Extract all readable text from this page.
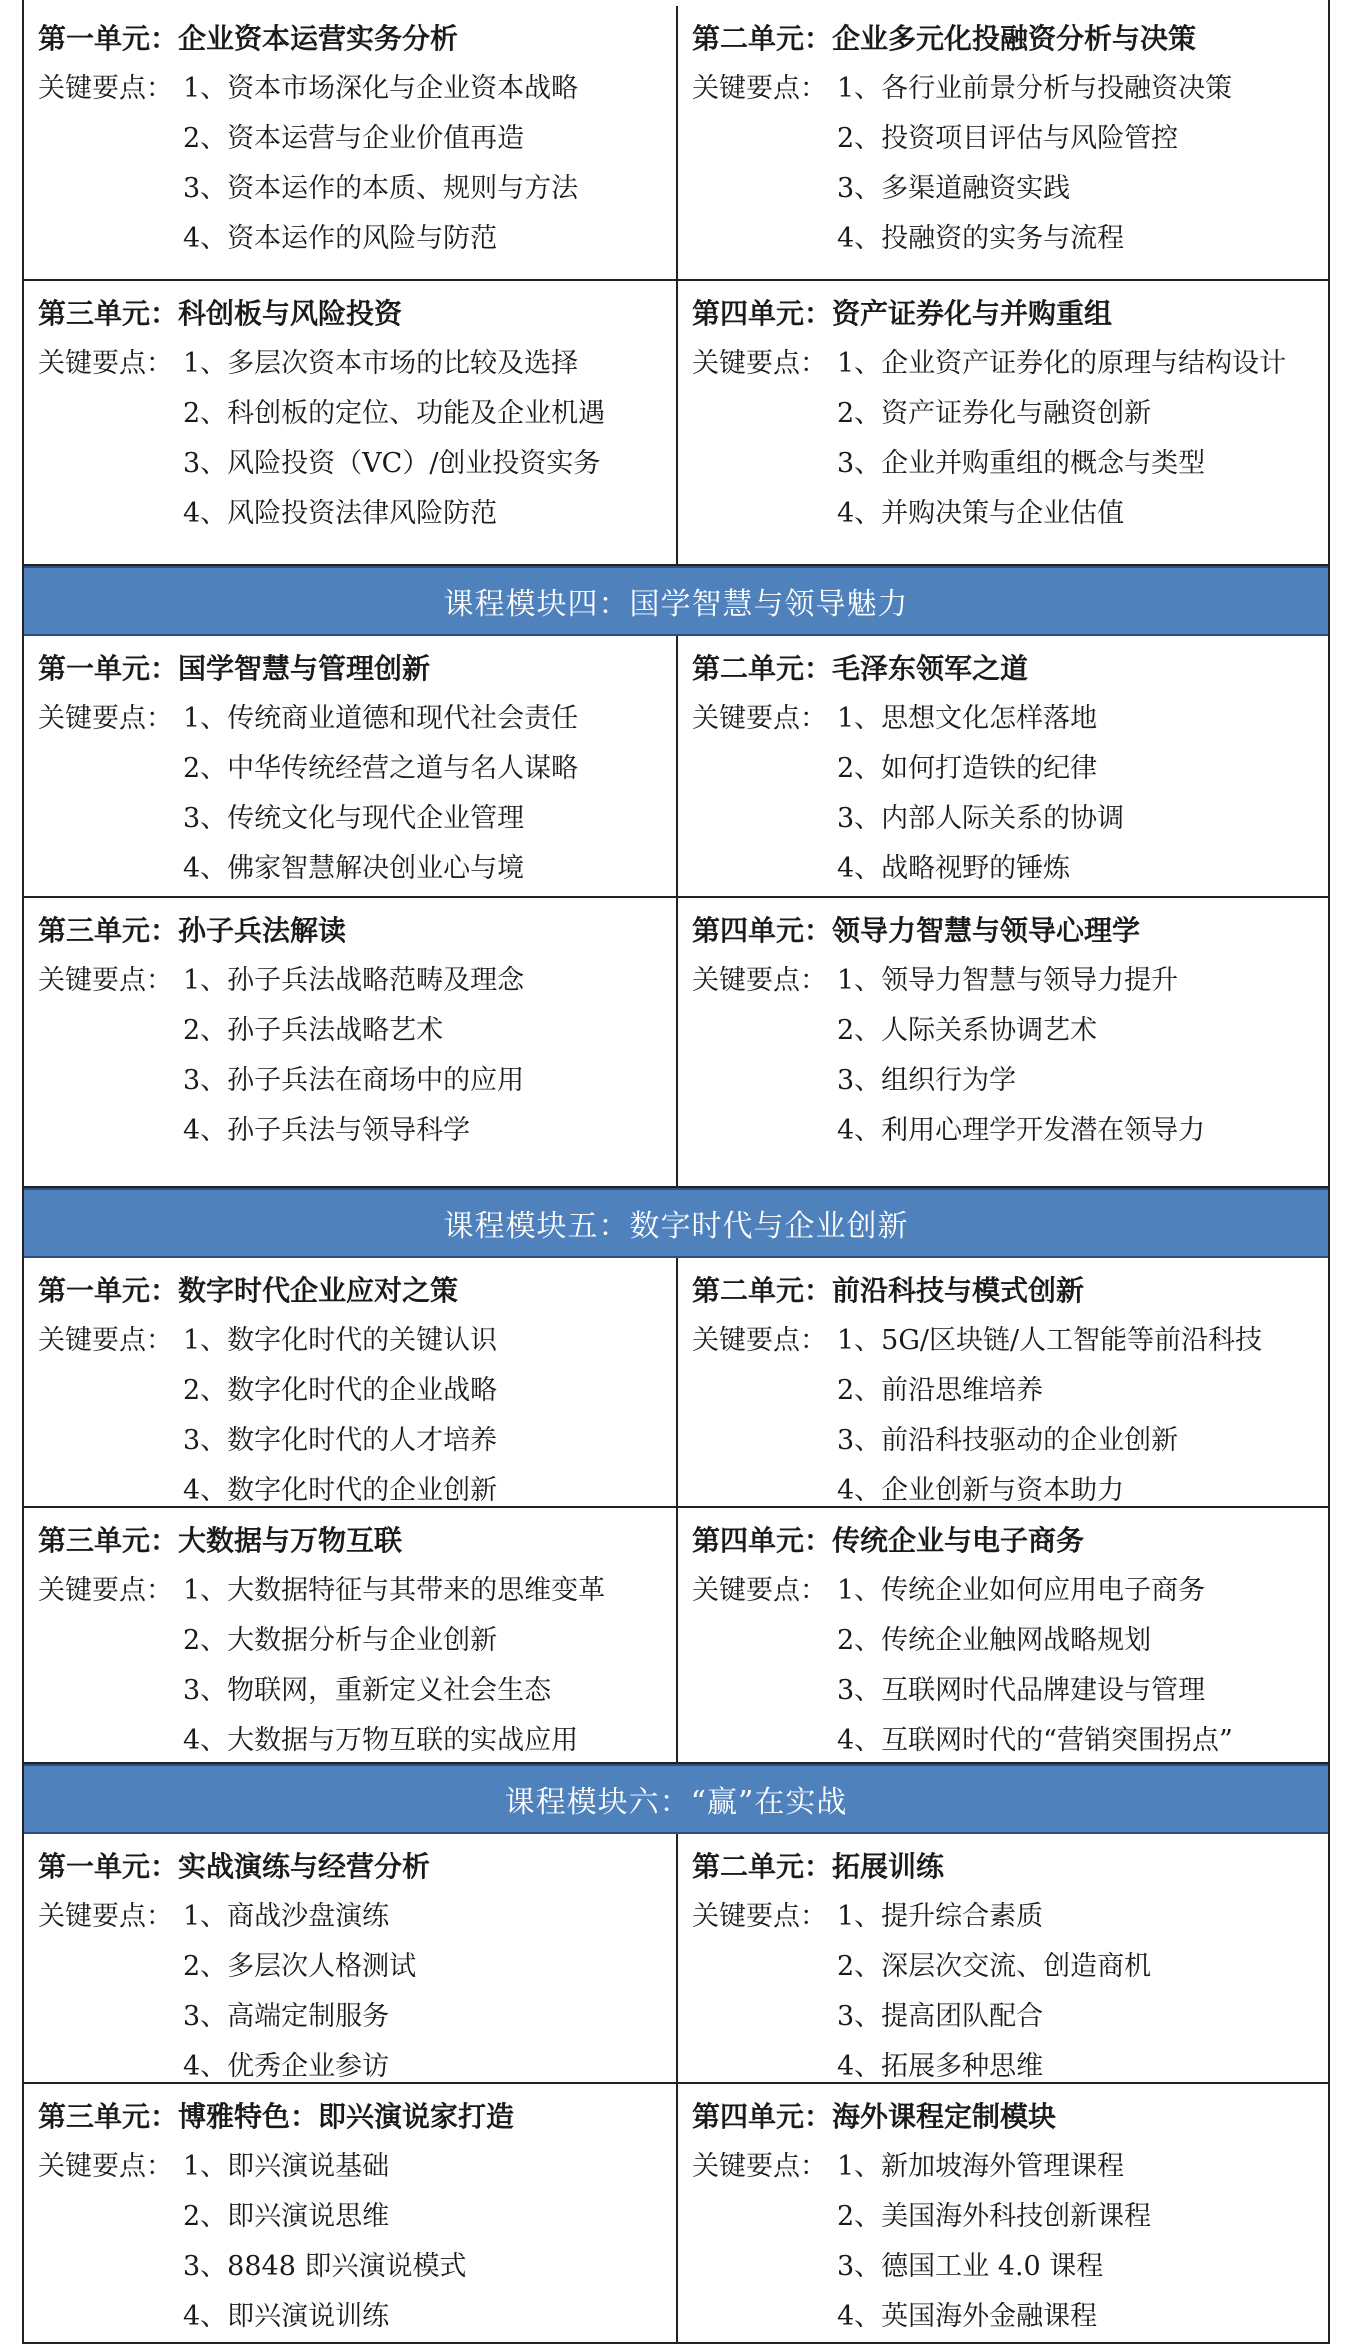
第一单元：企业资本运营实务分析
关键要点： 1、资本市场深化与企业资本战略
2、资本运营与企业价值再造
3、资本运作的本质、规则与方法
4、资本运作的风险与防范
第二单元：企业多元化投融资分析与决策
关键要点： 1、各行业前景分析与投融资决策
2、投资项目评估与风险管控
3、多渠道融资实践
4、投融资的实务与流程
第三单元：科创板与风险投资
关键要点： 1、多层次资本市场的比较及选择
2、科创板的定位、功能及企业机遇
3、风险投资（VC）/创业投资实务
4、风险投资法律风险防范
第四单元：资产证券化与并购重组
关键要点： 1、企业资产证券化的原理与结构设计
2、资产证券化与融资创新
3、企业并购重组的概念与类型
4、并购决策与企业估值
课程模块四：国学智慧与领导魅力
第一单元：国学智慧与管理创新
关键要点： 1、传统商业道德和现代社会责任
2、中华传统经营之道与名人谋略
3、传统文化与现代企业管理
4、佛家智慧解决创业心与境
第二单元：毛泽东领军之道
关键要点： 1、思想文化怎样落地
2、如何打造铁的纪律
3、内部人际关系的协调
4、战略视野的锤炼
第三单元：孙子兵法解读
关键要点： 1、孙子兵法战略范畴及理念
2、孙子兵法战略艺术
3、孙子兵法在商场中的应用
4、孙子兵法与领导科学
第四单元：领导力智慧与领导心理学
关键要点： 1、领导力智慧与领导力提升
2、人际关系协调艺术
3、组织行为学
4、利用心理学开发潜在领导力
课程模块五：数字时代与企业创新
第一单元：数字时代企业应对之策
关键要点： 1、数字化时代的关键认识
2、数字化时代的企业战略
3、数字化时代的人才培养
4、数字化时代的企业创新
第二单元：前沿科技与模式创新
关键要点： 1、5G/区块链/人工智能等前沿科技
2、前沿思维培养
3、前沿科技驱动的企业创新
4、企业创新与资本助力
第三单元：大数据与万物互联
关键要点： 1、大数据特征与其带来的思维变革
2、大数据分析与企业创新
3、物联网，重新定义社会生态
4、大数据与万物互联的实战应用
第四单元：传统企业与电子商务
关键要点： 1、传统企业如何应用电子商务
2、传统企业触网战略规划
3、互联网时代品牌建设与管理
4、互联网时代的“营销突围拐点”
课程模块六：“赢”在实战
第一单元：实战演练与经营分析
关键要点： 1、商战沙盘演练
2、多层次人格测试
3、高端定制服务
4、优秀企业参访
第二单元：拓展训练
关键要点： 1、提升综合素质
2、深层次交流、创造商机
3、提高团队配合
4、拓展多种思维
第三单元：博雅特色：即兴演说家打造
关键要点： 1、即兴演说基础
2、即兴演说思维
3、8848 即兴演说模式
4、即兴演说训练
第四单元：海外课程定制模块
关键要点： 1、新加坡海外管理课程
2、美国海外科技创新课程
3、德国工业 4.0 课程
4、英国海外金融课程
